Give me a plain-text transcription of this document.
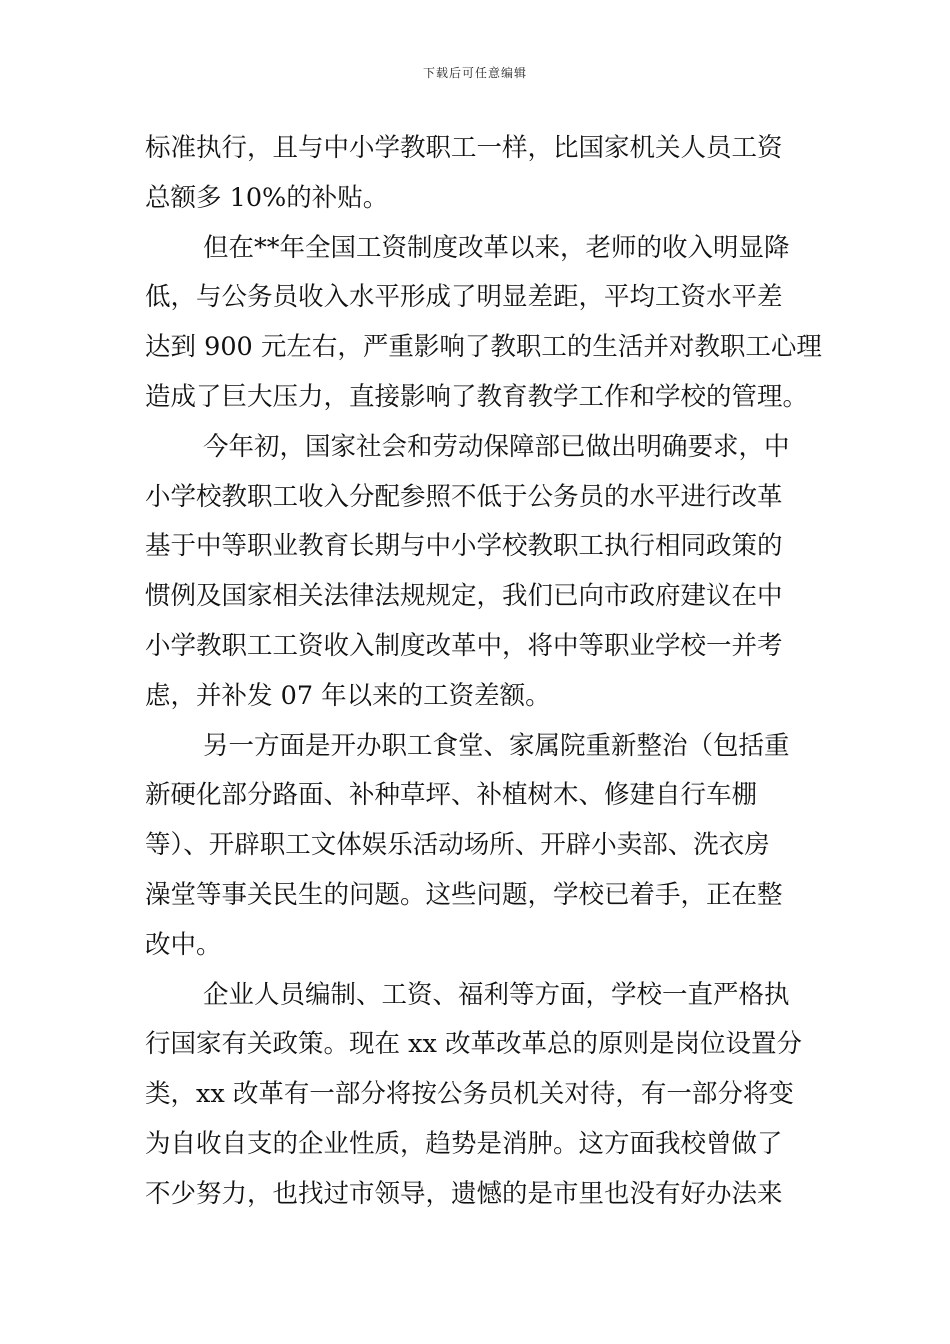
下载后可任意编辑
标准执行，且与中小学教职工一样，比国家机关人员工资
总额多 10%的补贴。
但在**年全国工资制度改革以来，老师的收入明显降
低，与公务员收入水平形成了明显差距，平均工资水平差
达到 900 元左右，严重影响了教职工的生活并对教职工心理
造成了巨大压力，直接影响了教育教学工作和学校的管理。
今年初，国家社会和劳动保障部已做出明确要求，中
小学校教职工收入分配参照不低于公务员的水平进行改革
基于中等职业教育长期与中小学校教职工执行相同政策的
惯例及国家相关法律法规规定，我们已向市政府建议在中
小学教职工工资收入制度改革中，将中等职业学校一并考
虑，并补发 07 年以来的工资差额。
另一方面是开办职工食堂、家属院重新整治（包括重
新硬化部分路面、补种草坪、补植树木、修建自行车棚
等）、开辟职工文体娱乐活动场所、开辟小卖部、洗衣房
澡堂等事关民生的问题。这些问题，学校已着手，正在整
改中。
企业人员编制、工资、福利等方面，学校一直严格执
行国家有关政策。现在 xx 改革改革总的原则是岗位设置分
类，xx 改革有一部分将按公务员机关对待，有一部分将变
为自收自支的企业性质，趋势是消肿。这方面我校曾做了
不少努力，也找过市领导，遗憾的是市里也没有好办法来
